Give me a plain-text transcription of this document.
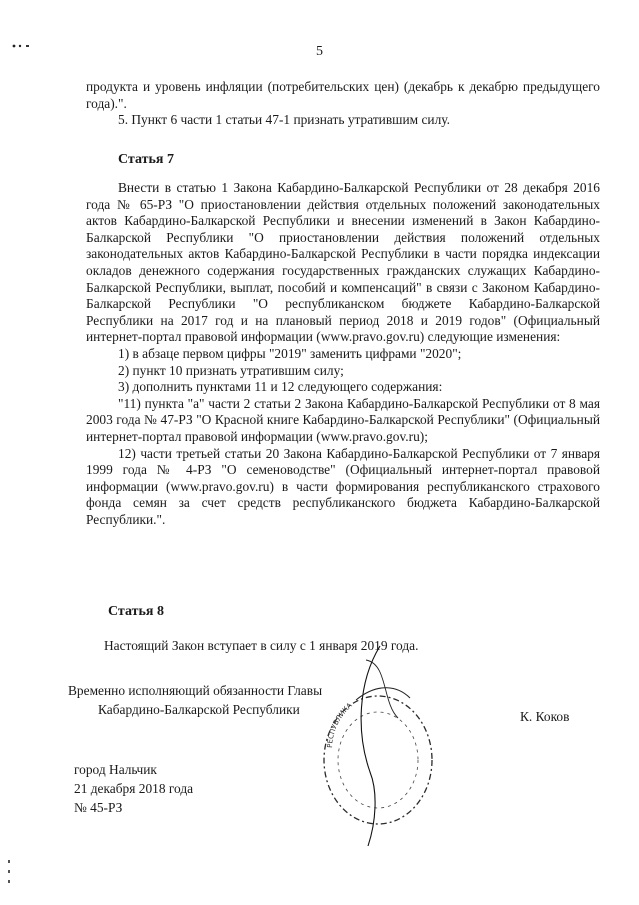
5

продукта и уровень инфляции (потребительских цен) (декабрь к декабрю предыдущего года).".

5. Пункт 6 части 1 статьи 47-1 признать утратившим силу.

Статья 7

Внести в статью 1 Закона Кабардино-Балкарской Республики от 28 декабря 2016 года № 65-РЗ "О приостановлении действия отдельных положений законодательных актов Кабардино-Балкарской Республики и внесении изменений в Закон Кабардино-Балкарской Республики "О приостановлении действия положений отдельных законодательных актов Кабардино-Балкарской Республики в части порядка индексации окладов денежного содержания государственных гражданских служащих Кабардино-Балкарской Республики, выплат, пособий и компенсаций" в связи с Законом Кабардино-Балкарской Республики "О республиканском бюджете Кабардино-Балкарской Республики на 2017 год и на плановый период 2018 и 2019 годов" (Официальный интернет-портал правовой информации (www.pravo.gov.ru) следующие изменения:

1) в абзаце первом цифры "2019" заменить цифрами "2020";

2) пункт 10 признать утратившим силу;

3) дополнить пунктами 11 и 12 следующего содержания:

"11) пункта "а" части 2 статьи 2 Закона Кабардино-Балкарской Республики от 8 мая 2003 года № 47-РЗ "О Красной книге Кабардино-Балкарской Республики" (Официальный интернет-портал правовой информации (www.pravo.gov.ru);

12) части третьей статьи 20 Закона Кабардино-Балкарской Республики от 7 января 1999 года № 4-РЗ "О семеноводстве" (Официальный интернет-портал правовой информации (www.pravo.gov.ru) в части формирования республиканского страхового фонда семян за счет средств республиканского бюджета Кабардино-Балкарской Республики.".

Статья 8
Настоящий Закон вступает в силу с 1 января 2019 года.
РЕСПУБЛИКА
Временно исполняющий обязанности Главы
Кабардино-Балкарской Республики	К. Коков
город Нальчик
21 декабря 2018 года
№ 45-РЗ
